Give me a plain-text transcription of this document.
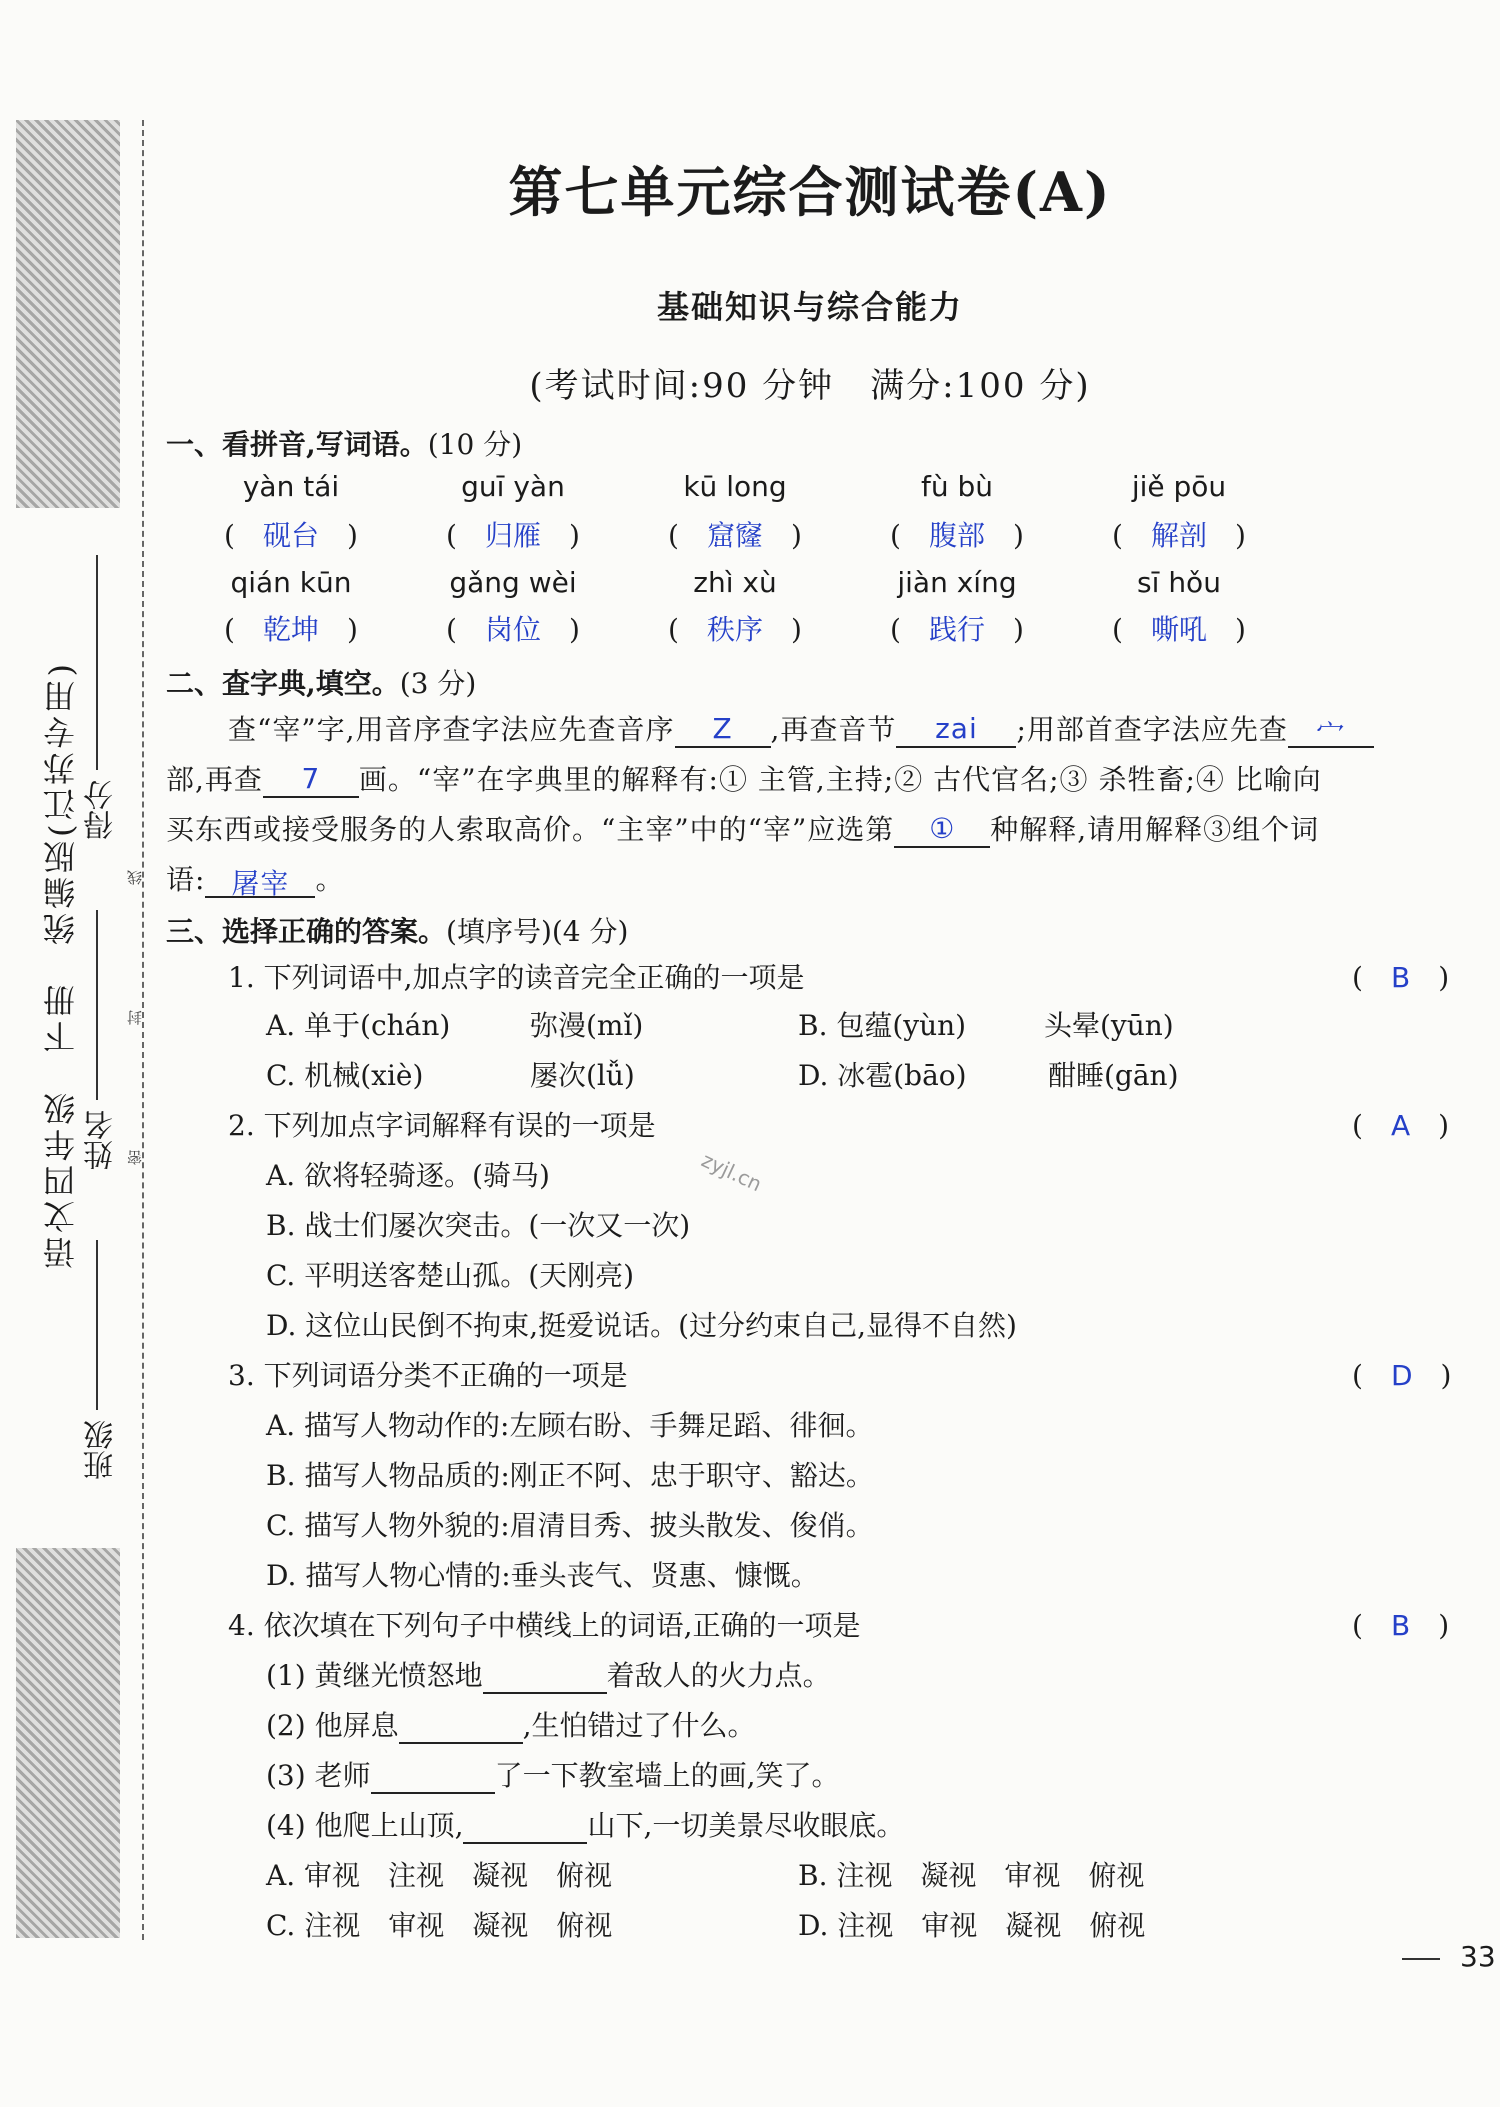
语文四年级　下册　统编版(江苏专用)
班级
姓名
得分
密
封
线
第七单元综合测试卷(A)
基础知识与综合能力
(考试时间:90 分钟　满分:100 分)
一、看拼音,写词语。(10 分)
yàn tái	guī yàn	kū long	fù bù	jiě pōu
(　 砚台　 )	(　 归雁　 )	(　 窟窿　 )	(　 腹部　 )	(　 解剖　 )
qián kūn	gǎng wèi	zhì xù	jiàn xíng	sī hǒu
(　 乾坤　 )	(　 岗位　 )	(　 秩序　 )	(　 践行　 )	(　 嘶吼　 )
二、查字典,填空。(3 分)
查“宰”字,用音序查字法应先查音序 Z ,再查音节 zai ;用部首查字法应先查 宀
部,再查 7 画。“宰”在字典里的解释有:① 主管,主持;② 古代官名;③ 杀牲畜;④ 比喻向
买东西或接受服务的人索取高价。“主宰”中的“宰”应选第 ① 种解释,请用解释③组个词
语: 屠宰 。
三、选择正确的答案。(填序号)(4 分)
1. 下列词语中,加点字的读音完全正确的一项是	(　 B　 )
A. 单于(chán)	弥漫(mǐ)	B. 包蕴(yùn)	头晕(yūn)
C. 机械(xiè)	屡次(lǚ)	D. 冰雹(bāo)	酣睡(gān)
2. 下列加点字词解释有误的一项是	(　 A　 )
A. 欲将轻骑逐。(骑马)
B. 战士们屡次突击。(一次又一次)
C. 平明送客楚山孤。(天刚亮)
D. 这位山民倒不拘束,挺爱说话。(过分约束自己,显得不自然)
3. 下列词语分类不正确的一项是	(　 D　 )
A. 描写人物动作的:左顾右盼、手舞足蹈、徘徊。
B. 描写人物品质的:刚正不阿、忠于职守、豁达。
C. 描写人物外貌的:眉清目秀、披头散发、俊俏。
D. 描写人物心情的:垂头丧气、贤惠、慷慨。
4. 依次填在下列句子中横线上的词语,正确的一项是	(　 B　 )
(1) 黄继光愤怒地	着敌人的火力点。
(2) 他屏息	,生怕错过了什么。
(3) 老师	了一下教室墙上的画,笑了。
(4) 他爬上山顶,	山下,一切美景尽收眼底。
A. 审视　注视　凝视　俯视	B. 注视　凝视　审视　俯视
C. 注视　审视　凝视　俯视	D. 注视　审视　凝视　俯视
zyjl.cn
33
